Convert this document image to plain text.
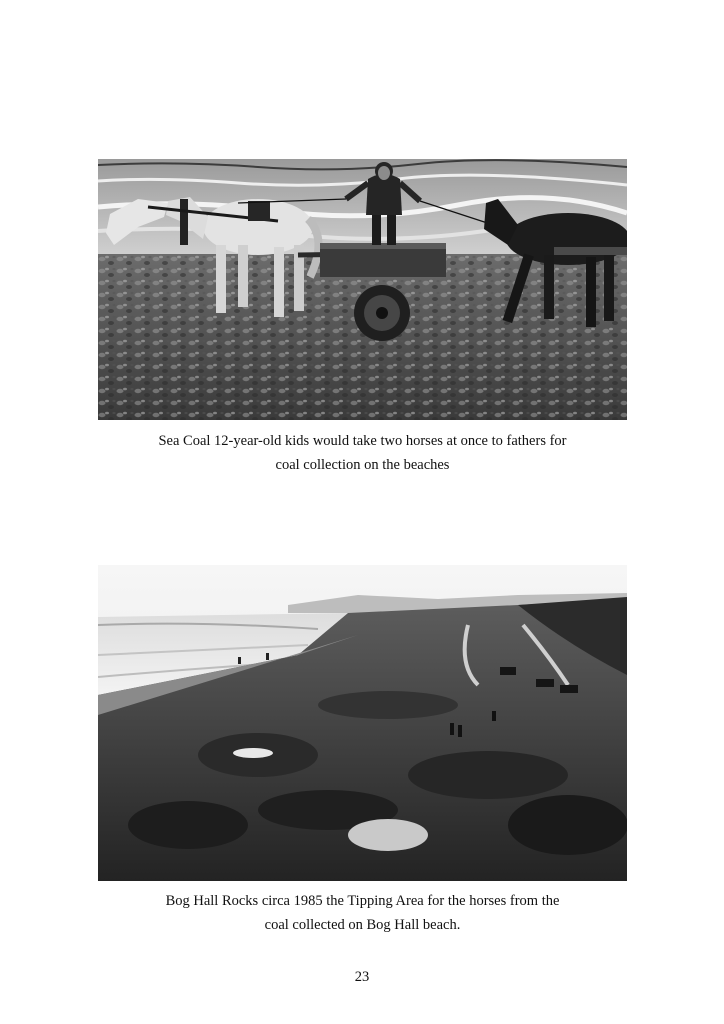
Sea Coal 12-year-old kids would take two horses at once to fathers for
coal collection on the beaches
Bog Hall Rocks circa 1985 the Tipping Area for the horses from the
coal collected on Bog Hall beach.
23
